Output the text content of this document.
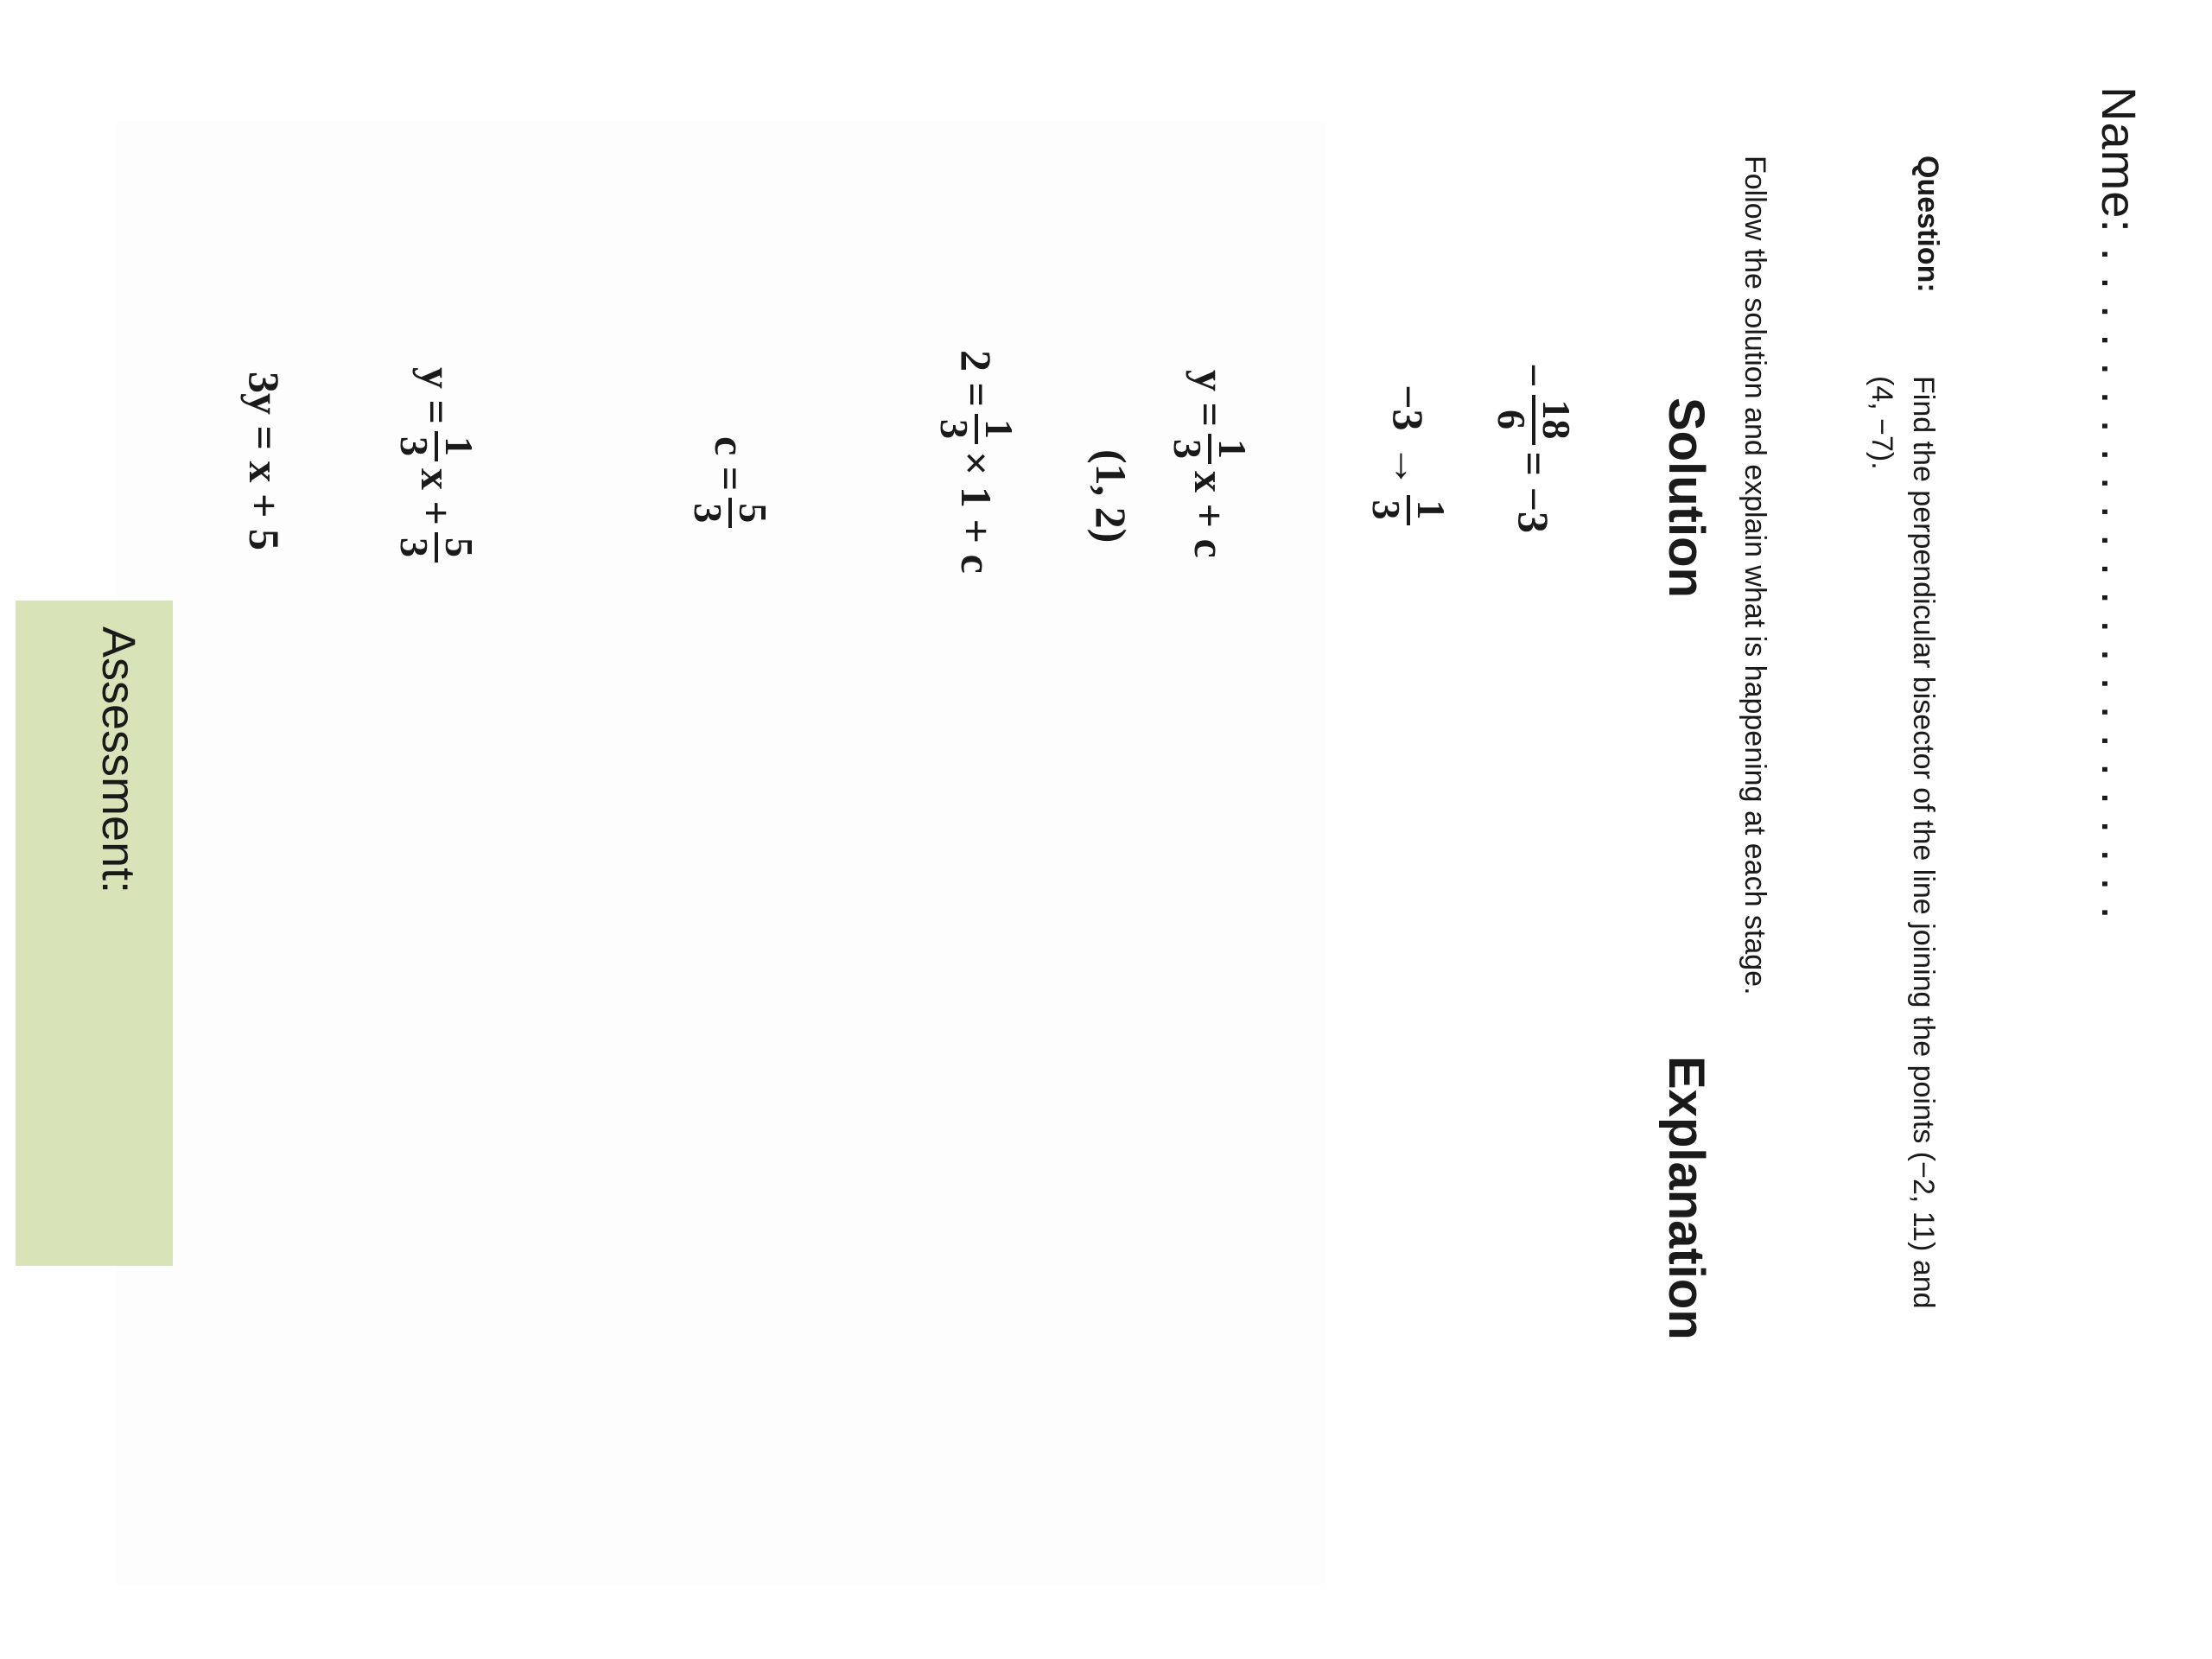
Name: . . . . . . . . . . . . . . . . . . . . . . . .
Question:
Find the perpendicular bisector of the line joining the points (−2, 11) and (4, −7).
Follow the solution and explain what is happening at each stage.
Solution
Explanation
−
18
6
= −3
−3
→
1
3
y =
1
3
x + c
(1, 2)
2 =
1
3
× 1 + c
c =
5
3
y =
1
3
x +
5
3
3y = x + 5
Assessment:
